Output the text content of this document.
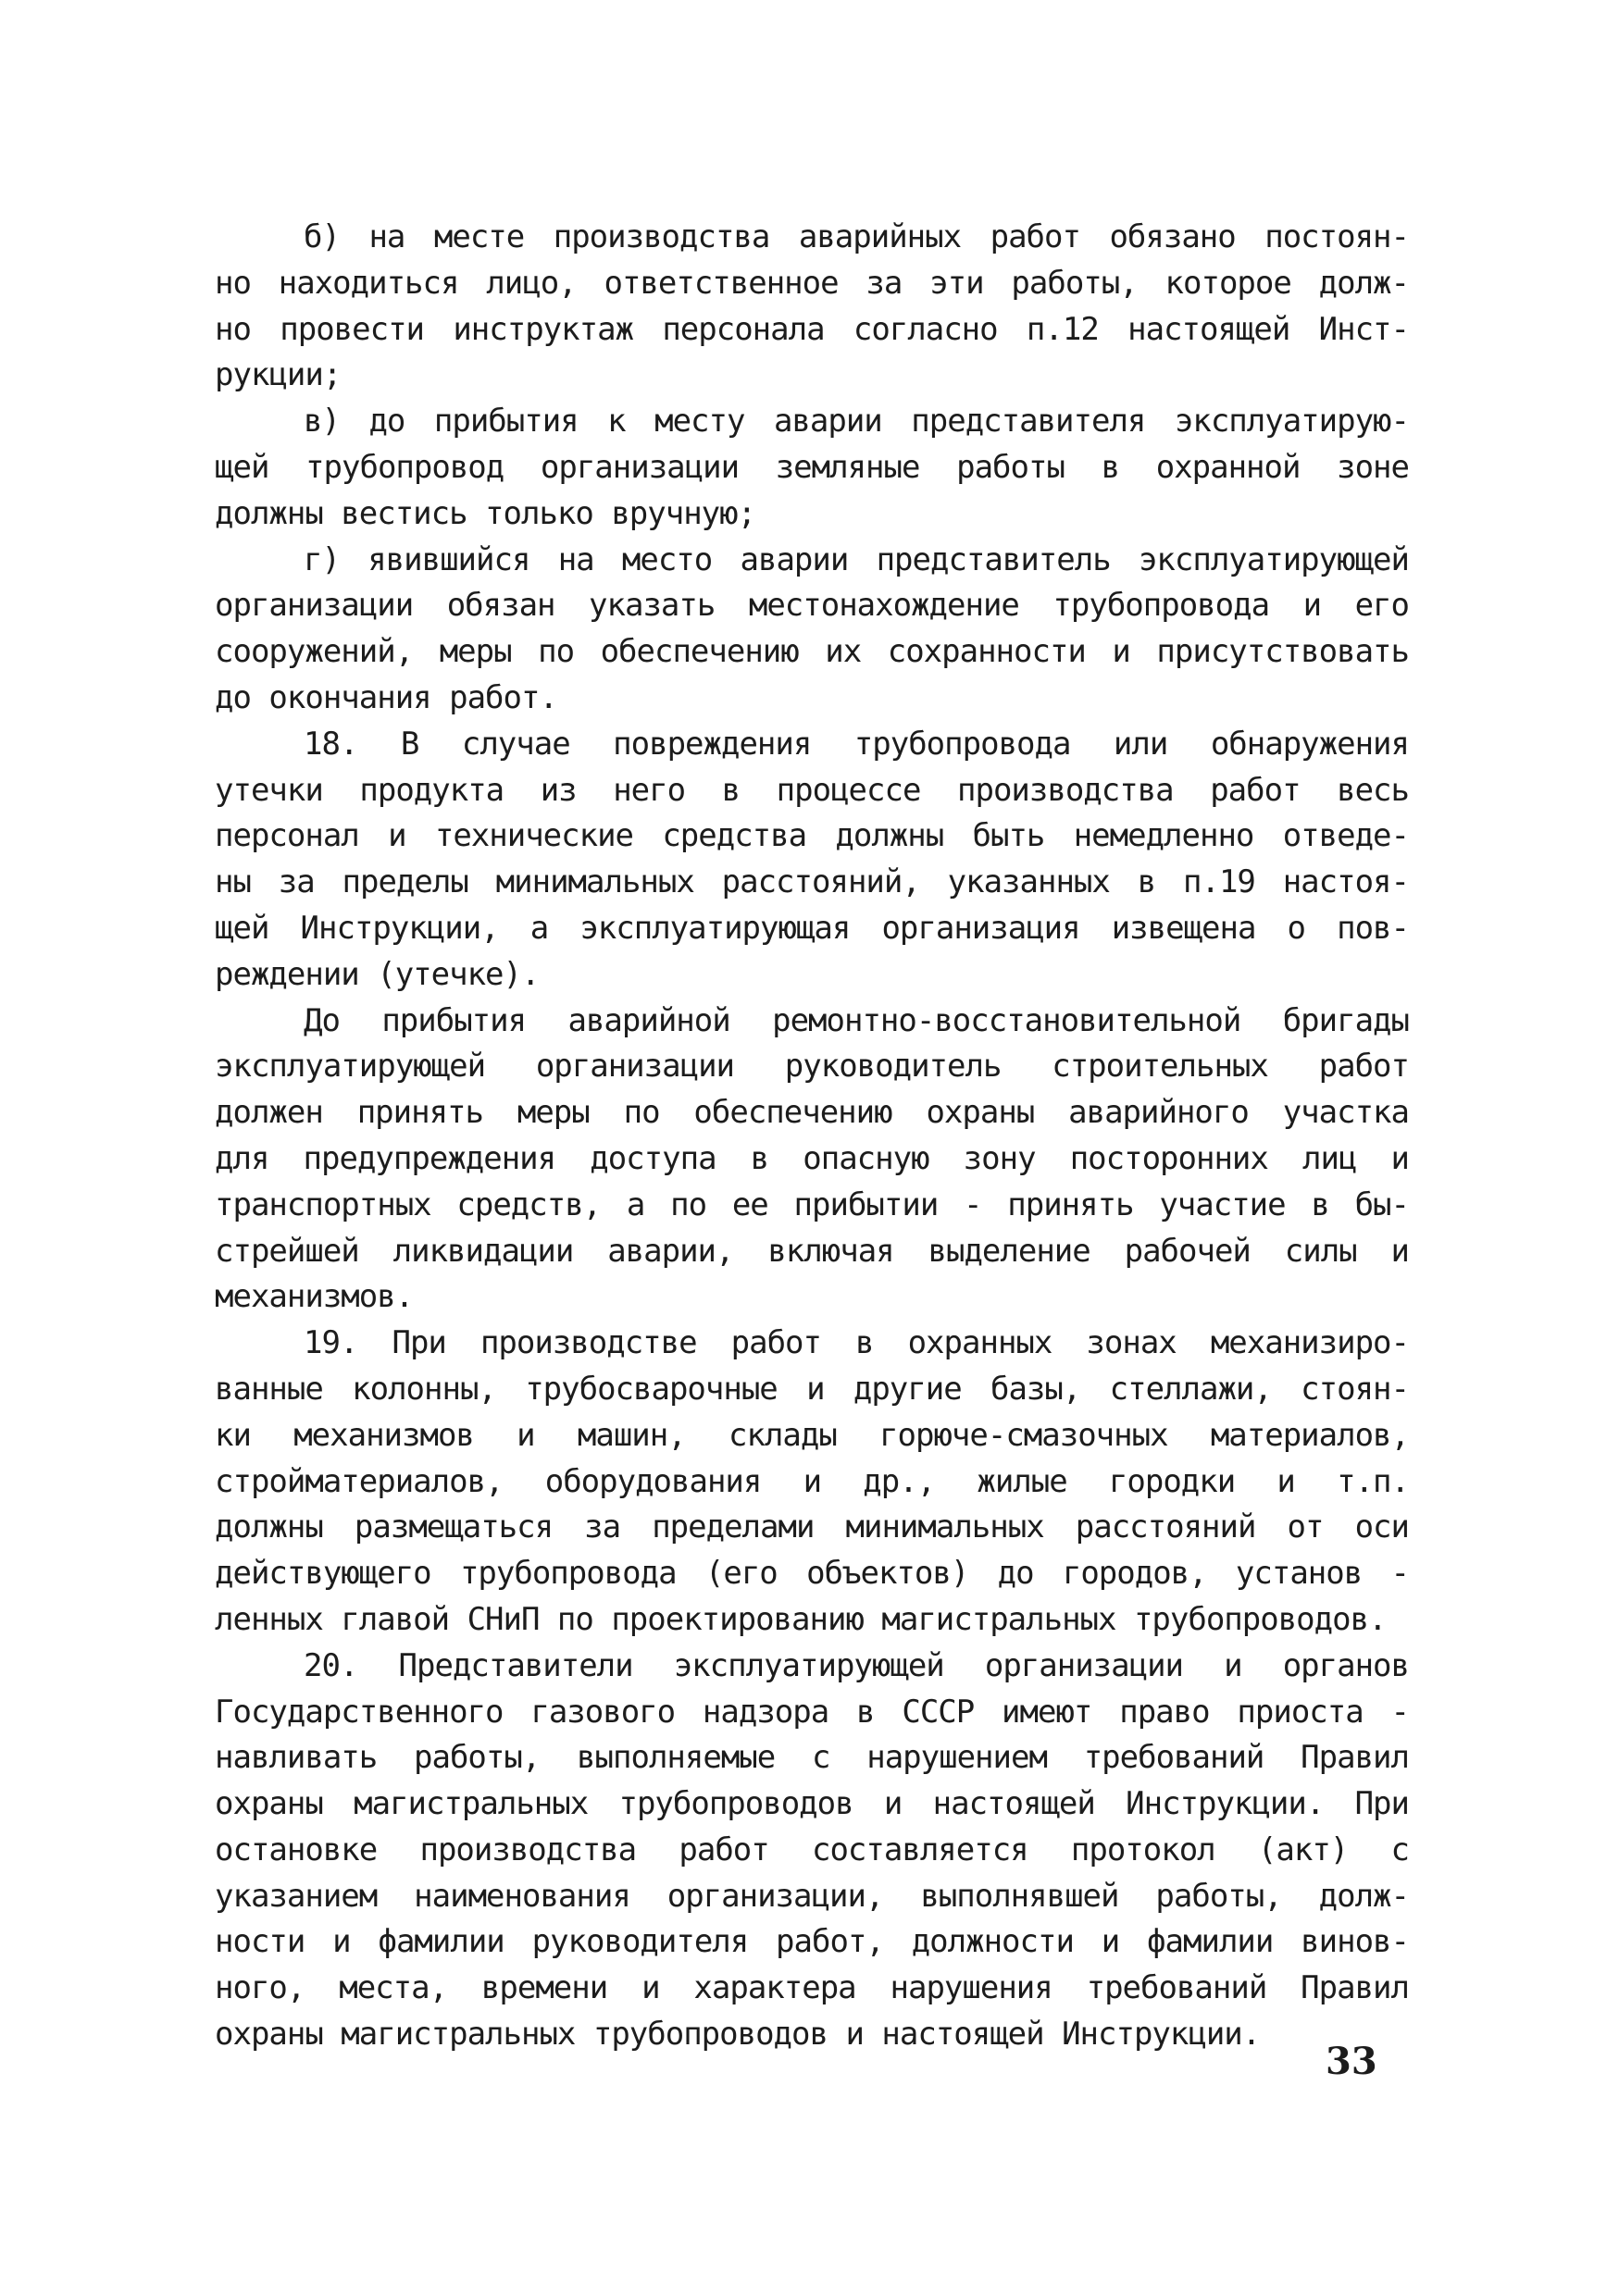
б) на месте производства аварийных работ обязано постоян-
но находиться лицо, ответственное за эти работы, которое долж-
но провести инструктаж персонала согласно п.12 настоящей Инст-
рукции;
в) до прибытия к месту аварии представителя эксплуатирую-
щей трубопровод организации земляные работы в охранной зоне
должны вестись только вручную;
г) явившийся на место аварии представитель эксплуатирующей
организации обязан указать местонахождение трубопровода и его
сооружений, меры по обеспечению их сохранности и присутствовать
до окончания работ.
18. В случае повреждения трубопровода или обнаружения
утечки продукта из него в процессе производства работ весь
персонал и технические средства должны быть немедленно отведе-
ны за пределы минимальных расстояний, указанных в п.19 настоя-
щей Инструкции, а эксплуатирующая организация извещена о пов-
реждении (утечке).
До прибытия аварийной ремонтно-восстановительной бригады
эксплуатирующей организации руководитель строительных работ
должен принять меры по обеспечению охраны аварийного участка
для предупреждения доступа в опасную зону посторонних лиц и
транспортных средств, а по ее прибытии - принять участие в бы-
стрейшей ликвидации аварии, включая выделение рабочей силы и
механизмов.
19. При производстве работ в охранных зонах механизиро-
ванные колонны, трубосварочные и другие базы, стеллажи, стоян-
ки механизмов и машин, склады горюче-смазочных материалов,
стройматериалов, оборудования и др., жилые городки и т.п.
должны размещаться за пределами минимальных расстояний от оси
действующего трубопровода (его объектов) до городов, установ -
ленных главой СНиП по проектированию магистральных трубопроводов.
20. Представители эксплуатирующей организации и органов
Государственного газового надзора в СССР имеют право приоста -
навливать работы, выполняемые с нарушением требований Правил
охраны магистральных трубопроводов и настоящей Инструкции. При
остановке производства работ составляется протокол (акт) с
указанием наименования организации, выполнявшей работы, долж-
ности и фамилии руководителя работ, должности и фамилии винов-
ного, места, времени и характера нарушения требований Правил
охраны магистральных трубопроводов и настоящей Инструкции.
33
